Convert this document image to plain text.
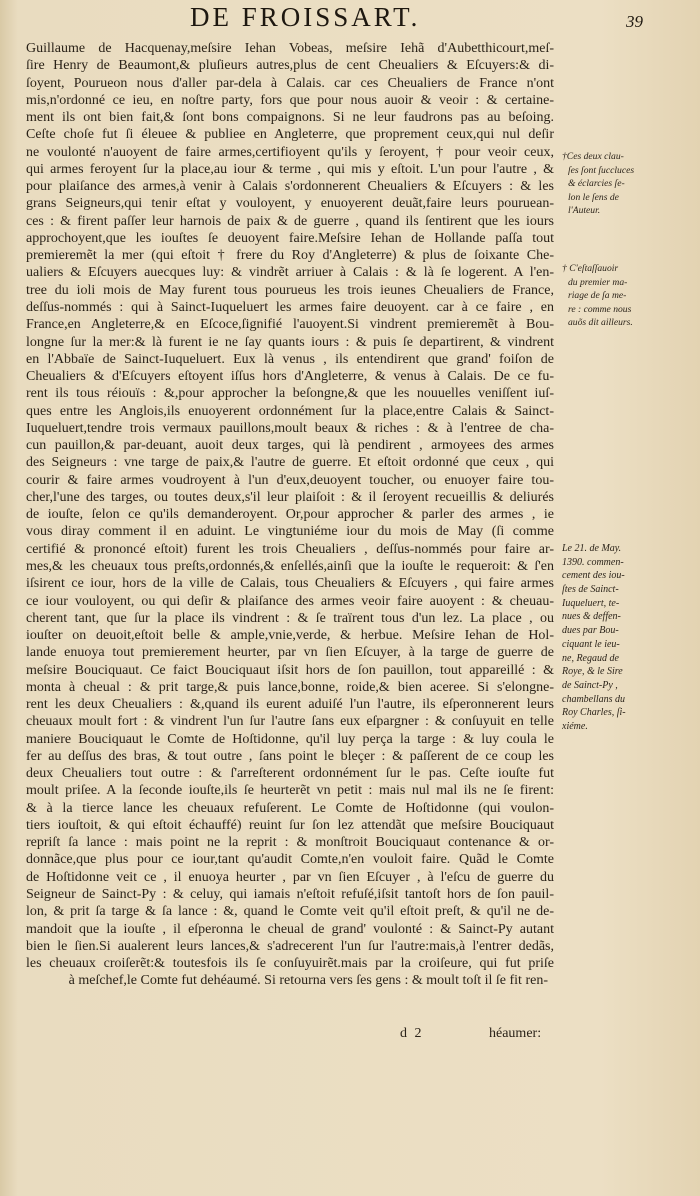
DE FROISSART.	39
Guillaume de Hacquenay,meſsire Iehan Vobeas, meſsire Iehã d'Aubetthicourt,meſ-
ſire Henry de Beaumont,& pluſieurs autres,plus de cent Cheualiers & Eſcuyers:& di-
ſoyent, Pourueon nous d'aller par-dela à Calais. car ces Cheualiers de France n'ont
mis,n'ordonné ce ieu, en noſtre party, fors que pour nous auoir & veoir : & certaine-
ment ils ont bien fait,& ſont bons compaignons. Si ne leur faudrons pas au beſoing.
Ceſte choſe fut ſi éleuee & publiee en Angleterre, que proprement ceux,qui nul deſir
ne voulonté n'auoyent de faire armes,certifioyent qu'ils y ſeroyent, † pour veoir ceux,
qui armes feroyent ſur la place,au iour & terme , qui mis y eſtoit. L'un pour l'autre , &
pour plaiſance des armes,à venir à Calais s'ordonnerent Cheualiers & Eſcuyers : & les
grans Seigneurs,qui tenir eſtat y vouloyent, y enuoyerent deuãt,faire leurs pouruean-
ces : & firent paſſer leur harnois de paix & de guerre , quand ils ſentirent que les iours
approchoyent,que les iouſtes ſe deuoyent faire.Meſsire Iehan de Hollande paſſa tout
premieremẽt la mer (qui eſtoit † frere du Roy d'Angleterre) & plus de ſoixante Che-
ualiers & Eſcuyers auecques luy: & vindrẽt arriuer à Calais : & là ſe logerent. A l'en-
tree du ioli mois de May furent tous pourueus les trois ieunes Cheualiers de France,
deſſus-nommés : qui à Sainct-Iuqueluert les armes faire deuoyent. car à ce faire , en
France,en Angleterre,& en Eſcoce,ſignifié l'auoyent.Si vindrent premieremẽt à Bou-
longne ſur la mer:& là furent ie ne ſay quants iours : & puis ſe departirent, & vindrent
en l'Abbaïe de Sainct-Iuqueluert. Eux là venus , ils entendirent que grand' foiſon de
Cheualiers & d'Eſcuyers eſtoyent iſſus hors d'Angleterre, & venus à Calais. De ce fu-
rent ils tous réiouïs : &,pour approcher la beſongne,& que les nouuelles veniſſent iuſ-
ques entre les Anglois,ils enuoyerent ordonnément ſur la place,entre Calais & Sainct-
Iuqueluert,tendre trois vermaux pauillons,moult beaux & riches : & à l'entree de cha-
cun pauillon,& par-deuant, auoit deux targes, qui là pendirent , armoyees des armes
des Seigneurs : vne targe de paix,& l'autre de guerre. Et eſtoit ordonné que ceux , qui
courir & faire armes voudroyent à l'un d'eux,deuoyent toucher, ou enuoyer faire tou-
cher,l'une des targes, ou toutes deux,s'il leur plaiſoit : & il ſeroyent recueillis & deliurés
de iouſte, ſelon ce qu'ils demanderoyent. Or,pour approcher & parler des armes , ie
vous diray comment il en aduint. Le vingtuniéme iour du mois de May (ſi comme
certifié & prononcé eſtoit) furent les trois Cheualiers , deſſus-nommés pour faire ar-
mes,& les cheuaux tous preſts,ordonnés,& enſellés,ainſi que la iouſte le requeroit: & ſ'en
iſsirent ce iour, hors de la ville de Calais, tous Cheualiers & Eſcuyers , qui faire armes
ce iour vouloyent, ou qui deſir & plaiſance des armes veoir faire auoyent : & cheuau-
cherent tant, que ſur la place ils vindrent : & ſe traïrent tous d'un lez. La place , ou
iouſter on deuoit,eſtoit belle & ample,vnie,verde, & herbue. Meſsire Iehan de Hol-
lande enuoya tout premierement heurter, par vn ſien Eſcuyer, à la targe de guerre de
meſsire Bouciquaut. Ce faict Bouciquaut iſsit hors de ſon pauillon, tout appareillé : &
monta à cheual : & prit targe,& puis lance,bonne, roide,& bien aceree. Si s'elongne-
rent les deux Cheualiers : &,quand ils eurent aduiſé l'un l'autre, ils eſperonnerent leurs
cheuaux moult fort : & vindrent l'un ſur l'autre ſans eux eſpargner : & conſuyuit en telle
maniere Bouciquaut le Comte de Hoſtidonne, qu'il luy perça la targe : & luy coula le
fer au deſſus des bras, & tout outre , ſans point le bleçer : & paſſerent de ce coup les
deux Cheualiers tout outre : & ſ'arreſterent ordonnément ſur le pas. Ceſte iouſte fut
moult priſee. A la ſeconde iouſte,ils ſe heurterẽt vn petit : mais nul mal ils ne ſe firent:
& à la tierce lance les cheuaux refuſerent. Le Comte de Hoſtidonne (qui voulon-
tiers iouſtoit, & qui eſtoit échauffé) reuint ſur ſon lez attendãt que meſsire Bouciquaut
repriſt ſa lance : mais point ne la reprit : & monſtroit Bouciquaut contenance & or-
donnãce,que plus pour ce iour,tant qu'audit Comte,n'en vouloit faire. Quãd le Comte
de Hoſtidonne veit ce , il enuoya heurter , par vn ſien Eſcuyer , à l'eſcu de guerre du
Seigneur de Sainct-Py : & celuy, qui iamais n'eſtoit refuſé,iſsit tantoſt hors de ſon pauil-
lon, & prit ſa targe & ſa lance : &, quand le Comte veit qu'il eſtoit preſt, & qu'il ne de-
mandoit que la iouſte , il eſperonna le cheual de grand' voulonté : & Sainct-Py autant
bien le ſien.Si aualerent leurs lances,& s'adrecerent l'un ſur l'autre:mais,à l'entrer dedãs,
les cheuaux croiſerẽt:& toutesfois ils ſe conſuyuirẽt.mais par la croiſeure, qui fut priſe
à meſchef,le Comte fut dehéaumé. Si retourna vers ſes gens : & moult toſt il ſe fit ren-
†Ces deux clau-
ſes ſont ſuccluces
& éclarcies ſe-
lon le ſens de
l'Auteur.
† C'eſtaſſauoir
du premier ma-
riage de ſa me-
re : comme nous
auõs dit ailleurs.
Le 21. de May.
1390. commen-
cement des iou-
ſtes de Sainct-
Iuqueluert, te-
nues & deffen-
dues par Bou-
ciquant le ieu-
ne, Regaud de
Roye, & le Sire
de Sainct-Py ,
chambellans du
Roy Charles, ſi-
xiéme.
d 2	héaumer:
